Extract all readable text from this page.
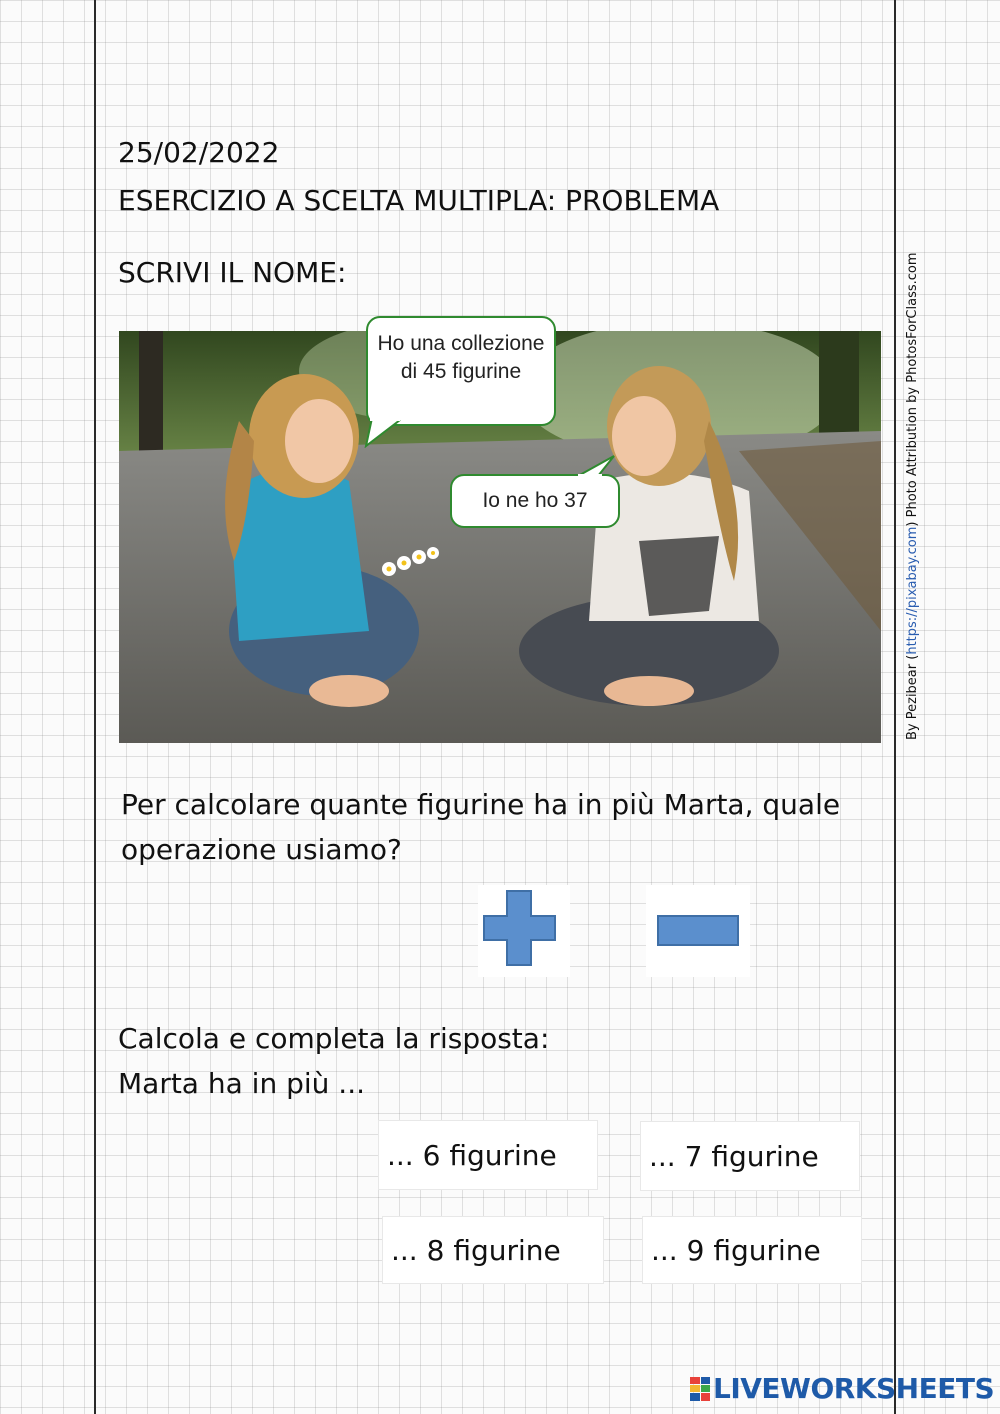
25/02/2022
ESERCIZIO A SCELTA MULTIPLA: PROBLEMA
SCRIVI IL NOME:
Ho una collezione di 45 figurine
Io ne ho 37
By Pezibear (https://pixabay.com) Photo Attribution by PhotosForClass.com
Per calcolare quante figurine ha in più Marta, quale operazione usiamo?
Calcola e completa la risposta:
Marta ha in più ...
... 6 figurine	... 7 figurine
... 8 figurine	... 9 figurine
LIVEWORKSHEETS
